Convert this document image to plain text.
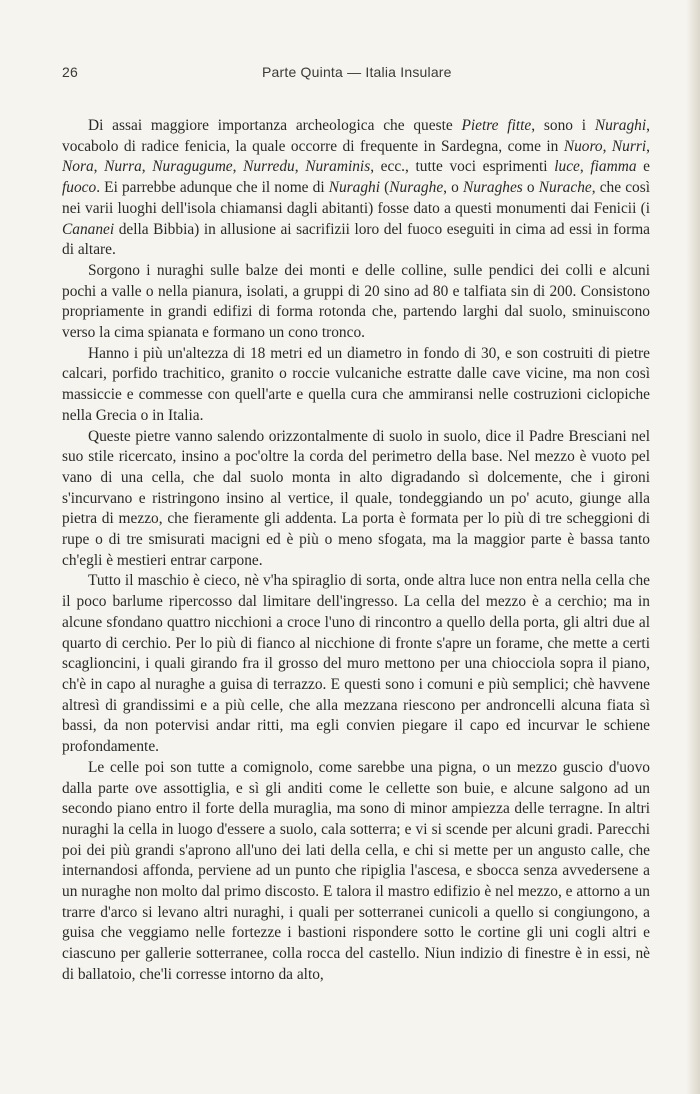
26	Parte Quinta — Italia Insulare

Di assai maggiore importanza archeologica che queste Pietre fitte, sono i Nuraghi, vocabolo di radice fenicia, la quale occorre di frequente in Sardegna, come in Nuoro, Nurri, Nora, Nurra, Nuragugume, Nurredu, Nuraminis, ecc., tutte voci esprimenti luce, fiamma e fuoco. Ei parrebbe adunque che il nome di Nuraghi (Nuraghe, o Nuraghes o Nurache, che così nei varii luoghi dell'isola chiamansi dagli abitanti) fosse dato a questi monumenti dai Fenicii (i Cananei della Bibbia) in allusione ai sacrifizii loro del fuoco eseguiti in cima ad essi in forma di altare.

Sorgono i nuraghi sulle balze dei monti e delle colline, sulle pendici dei colli e alcuni pochi a valle o nella pianura, isolati, a gruppi di 20 sino ad 80 e talfiata sin di 200. Consistono propriamente in grandi edifizi di forma rotonda che, partendo larghi dal suolo, sminuiscono verso la cima spianata e formano un cono tronco.

Hanno i più un'altezza di 18 metri ed un diametro in fondo di 30, e son costruiti di pietre calcari, porfido trachitico, granito o roccie vulcaniche estratte dalle cave vicine, ma non così massiccie e commesse con quell'arte e quella cura che ammiransi nelle costruzioni ciclopiche nella Grecia o in Italia.

Queste pietre vanno salendo orizzontalmente di suolo in suolo, dice il Padre Bresciani nel suo stile ricercato, insino a poc'oltre la corda del perimetro della base. Nel mezzo è vuoto pel vano di una cella, che dal suolo monta in alto digradando sì dolcemente, che i gironi s'incurvano e ristringono insino al vertice, il quale, tondeggiando un po' acuto, giunge alla pietra di mezzo, che fieramente gli addenta. La porta è formata per lo più di tre scheggioni di rupe o di tre smisurati macigni ed è più o meno sfogata, ma la maggior parte è bassa tanto ch'egli è mestieri entrar carpone.

Tutto il maschio è cieco, nè v'ha spiraglio di sorta, onde altra luce non entra nella cella che il poco barlume ripercosso dal limitare dell'ingresso. La cella del mezzo è a cerchio; ma in alcune sfondano quattro nicchioni a croce l'uno di rincontro a quello della porta, gli altri due al quarto di cerchio. Per lo più di fianco al nicchione di fronte s'apre un forame, che mette a certi scaglioncini, i quali girando fra il grosso del muro mettono per una chiocciola sopra il piano, ch'è in capo al nuraghe a guisa di terrazzo. E questi sono i comuni e più semplici; chè havvene altresì di grandissimi e a più celle, che alla mezzana riescono per androncelli alcuna fiata sì bassi, da non potervisi andar ritti, ma egli convien piegare il capo ed incurvar le schiene profondamente.

Le celle poi son tutte a comignolo, come sarebbe una pigna, o un mezzo guscio d'uovo dalla parte ove assottiglia, e sì gli anditi come le cellette son buie, e alcune salgono ad un secondo piano entro il forte della muraglia, ma sono di minor ampiezza delle terragne. In altri nuraghi la cella in luogo d'essere a suolo, cala sotterra; e vi si scende per alcuni gradi. Parecchi poi dei più grandi s'aprono all'uno dei lati della cella, e chi si mette per un angusto calle, che internandosi affonda, perviene ad un punto che ripiglia l'ascesa, e sbocca senza avvedersene a un nuraghe non molto dal primo discosto. E talora il mastro edifizio è nel mezzo, e attorno a un trarre d'arco si levano altri nuraghi, i quali per sotterranei cunicoli a quello si congiungono, a guisa che veggiamo nelle fortezze i bastioni rispondere sotto le cortine gli uni cogli altri e ciascuno per gallerie sotterranee, colla rocca del castello. Niun indizio di finestre è in essi, nè di ballatoio, che'li corresse intorno da alto,
